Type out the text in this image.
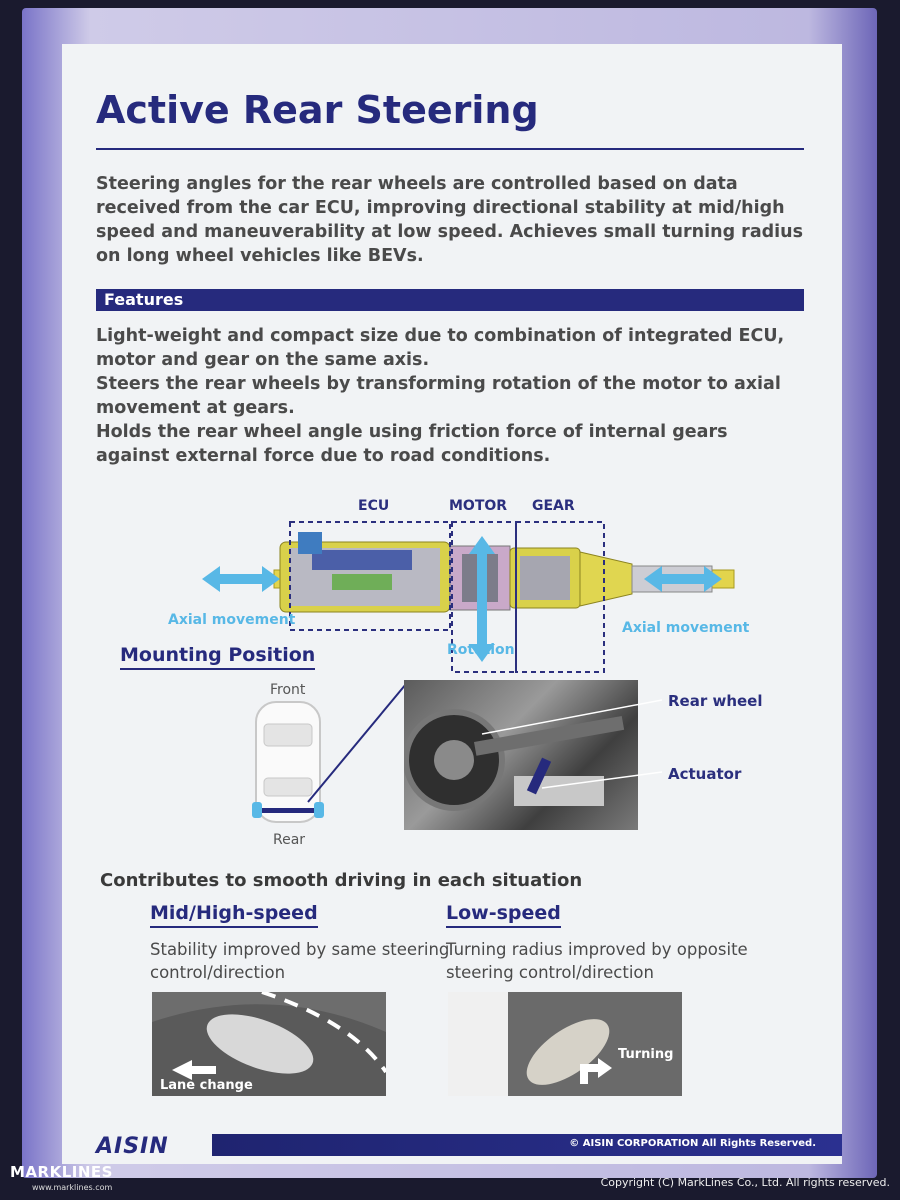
Active Rear Steering
Steering angles for the rear wheels are controlled based on data received from the car ECU, improving directional stability at mid/high speed and maneuverability at low speed. Achieves small turning radius on long wheel vehicles like BEVs.
Features
Light-weight and compact size due to combination of integrated ECU, motor and gear on the same axis.
Steers the rear wheels by transforming rotation of the motor to axial movement at gears.
Holds the rear wheel angle using friction force of internal gears against external force due to road conditions.
ECU	MOTOR GEAR
Axial movement	Axial movement
Rotation
Mounting Position
Front
Rear
Rear wheel
Actuator
Contributes to smooth driving in each situation
Mid/High-speed
Stability improved by same steering control/direction
Low-speed
Turning radius improved by opposite steering control/direction
Lane change
Turning
AISIN	© AISIN CORPORATION All Rights Reserved.
MARKLINES
www.marklines.com	Copyright (C) MarkLines Co., Ltd. All rights reserved.
